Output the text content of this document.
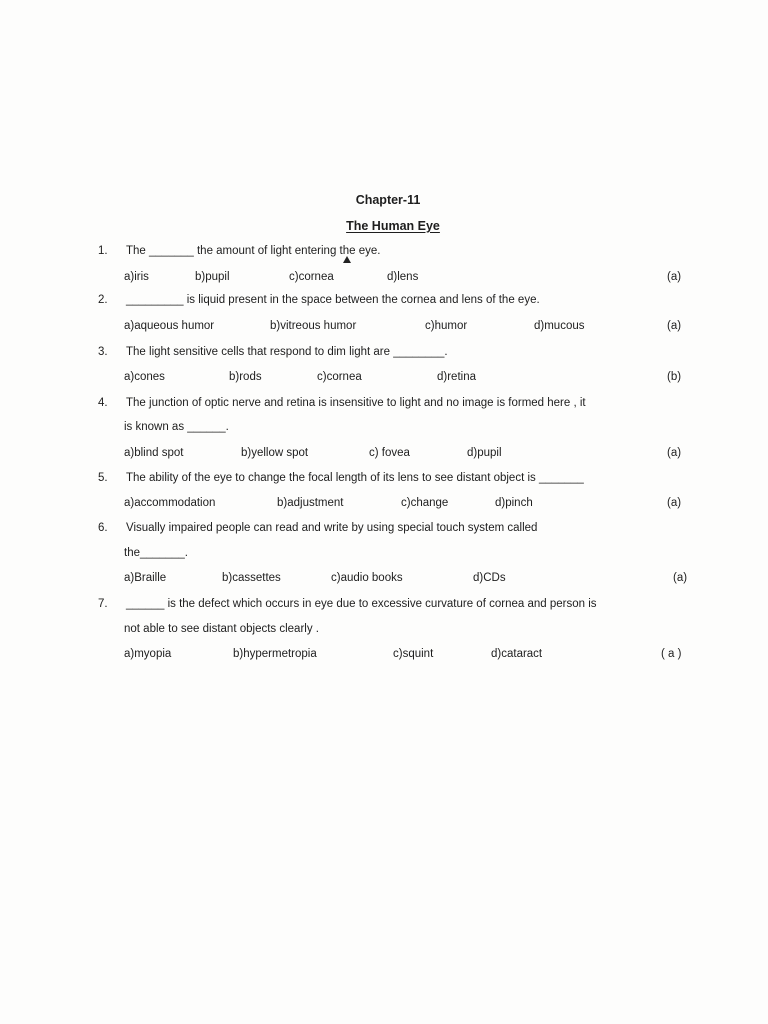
Chapter-11
The Human Eye
1. The _______ the amount of light entering the eye.
a)iris	b)pupil	c)cornea	d)lens	(a)
2. _________ is liquid present in the space between the cornea and lens of the eye.
a)aqueous humor	b)vitreous humor	c)humor	d)mucous	(a)
3. The light sensitive cells that respond to dim light are ________.
a)cones	b)rods	c)cornea	d)retina	(b)
4. The junction of optic nerve and retina is insensitive to light and no image is formed here , it
is known as ______.
a)blind spot	b)yellow spot	c) fovea	d)pupil	(a)
5. The ability of the eye to change the focal length of its lens to see distant object is _______
a)accommodation	b)adjustment	c)change	d)pinch	(a)
6. Visually impaired people can read and write by using special touch system called
the_______.
a)Braille	b)cassettes	c)audio books	d)CDs	(a)
7. ______ is the defect which occurs in eye due to excessive curvature of cornea and person is
not able to see distant objects clearly .
a)myopia	b)hypermetropia	c)squint	d)cataract	( a )
